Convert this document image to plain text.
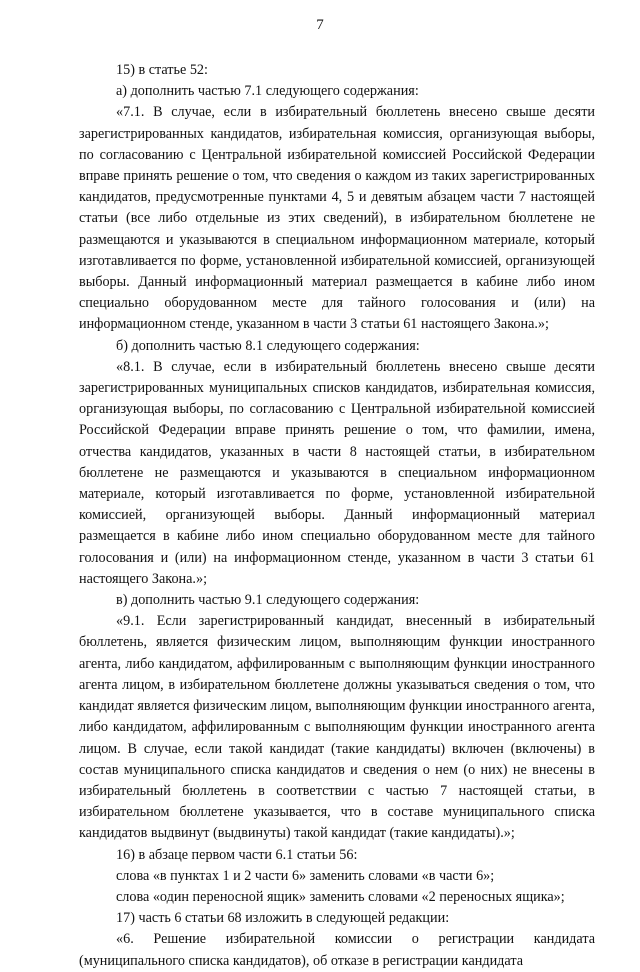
7

15) в статье 52:

а) дополнить частью 7.1 следующего содержания:

«7.1. В случае, если в избирательный бюллетень внесено свыше десяти зарегистрированных кандидатов, избирательная комиссия, организующая выборы, по согласованию с Центральной избирательной комиссией Российской Федерации вправе принять решение о том, что сведения о каждом из таких зарегистрированных кандидатов, предусмотренные пунктами 4, 5 и девятым абзацем части 7 настоящей статьи (все либо отдельные из этих сведений), в избирательном бюллетене не размещаются и указываются в специальном информационном материале, который изготавливается по форме, установленной избирательной комиссией, организующей выборы. Данный информационный материал размещается в кабине либо ином специально оборудованном месте для тайного голосования и (или) на информационном стенде, указанном в части 3 статьи 61 настоящего Закона.»;

б) дополнить частью 8.1 следующего содержания:

«8.1. В случае, если в избирательный бюллетень внесено свыше десяти зарегистрированных муниципальных списков кандидатов, избирательная комиссия, организующая выборы, по согласованию с Центральной избирательной комиссией Российской Федерации вправе принять решение о том, что фамилии, имена, отчества кандидатов, указанных в части 8 настоящей статьи, в избирательном бюллетене не размещаются и указываются в специальном информационном материале, который изготавливается по форме, установленной избирательной комиссией, организующей выборы. Данный информационный материал размещается в кабине либо ином специально оборудованном месте для тайного голосования и (или) на информационном стенде, указанном в части 3 статьи 61 настоящего Закона.»;

в) дополнить частью 9.1 следующего содержания:

«9.1. Если зарегистрированный кандидат, внесенный в избирательный бюллетень, является физическим лицом, выполняющим функции иностранного агента, либо кандидатом, аффилированным с выполняющим функции иностранного агента лицом, в избирательном бюллетене должны указываться сведения о том, что кандидат является физическим лицом, выполняющим функции иностранного агента, либо кандидатом, аффилированным с выполняющим функции иностранного агента лицом. В случае, если такой кандидат (такие кандидаты) включен (включены) в состав муниципального списка кандидатов и сведения о нем (о них) не внесены в избирательный бюллетень в соответствии с частью 7 настоящей статьи, в избирательном бюллетене указывается, что в составе муниципального списка кандидатов выдвинут (выдвинуты) такой кандидат (такие кандидаты).»;

16) в абзаце первом части 6.1 статьи 56:

слова «в пунктах 1 и 2 части 6» заменить словами «в части 6»;

слова «один переносной ящик» заменить словами «2 переносных ящика»;

17) часть 6 статьи 68 изложить в следующей редакции:

«6. Решение избирательной комиссии о регистрации кандидата (муниципального списка кандидатов), об отказе в регистрации кандидата
